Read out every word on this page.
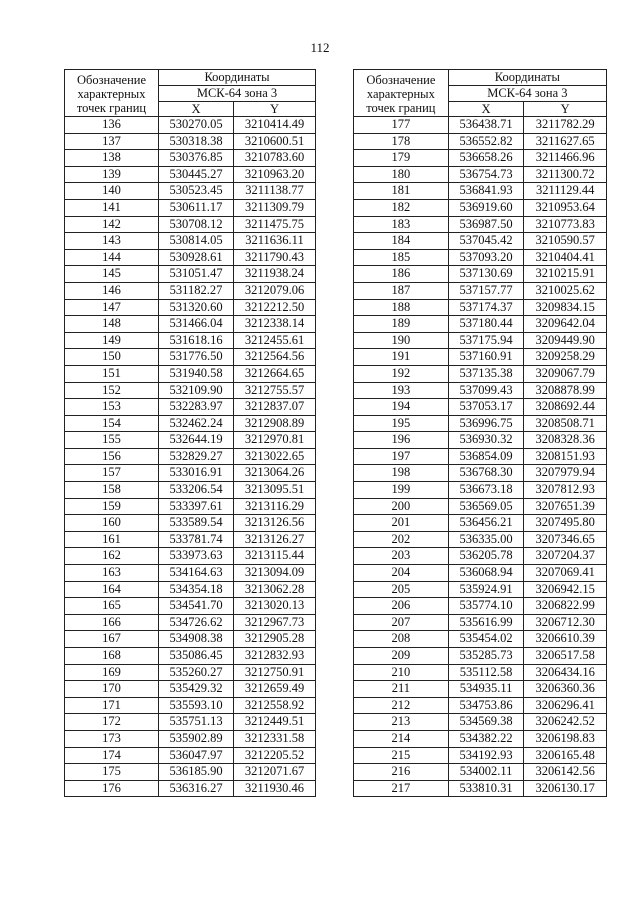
112
Обозначение
характерных
точек границ	Координаты	
	МСК-64 зона 3	
	X	Y
136	530270.05	3210414.49
137	530318.38	3210600.51
138	530376.85	3210783.60
139	530445.27	3210963.20
140	530523.45	3211138.77
141	530611.17	3211309.79
142	530708.12	3211475.75
143	530814.05	3211636.11
144	530928.61	3211790.43
145	531051.47	3211938.24
146	531182.27	3212079.06
147	531320.60	3212212.50
148	531466.04	3212338.14
149	531618.16	3212455.61
150	531776.50	3212564.56
151	531940.58	3212664.65
152	532109.90	3212755.57
153	532283.97	3212837.07
154	532462.24	3212908.89
155	532644.19	3212970.81
156	532829.27	3213022.65
157	533016.91	3213064.26
158	533206.54	3213095.51
159	533397.61	3213116.29
160	533589.54	3213126.56
161	533781.74	3213126.27
162	533973.63	3213115.44
163	534164.63	3213094.09
164	534354.18	3213062.28
165	534541.70	3213020.13
166	534726.62	3212967.73
167	534908.38	3212905.28
168	535086.45	3212832.93
169	535260.27	3212750.91
170	535429.32	3212659.49
171	535593.10	3212558.92
172	535751.13	3212449.51
173	535902.89	3212331.58
174	536047.97	3212205.52
175	536185.90	3212071.67
176	536316.27	3211930.46
Обозначение
характерных
точек границ	Координаты	
	МСК-64 зона 3	
	X	Y
177	536438.71	3211782.29
178	536552.82	3211627.65
179	536658.26	3211466.96
180	536754.73	3211300.72
181	536841.93	3211129.44
182	536919.60	3210953.64
183	536987.50	3210773.83
184	537045.42	3210590.57
185	537093.20	3210404.41
186	537130.69	3210215.91
187	537157.77	3210025.62
188	537174.37	3209834.15
189	537180.44	3209642.04
190	537175.94	3209449.90
191	537160.91	3209258.29
192	537135.38	3209067.79
193	537099.43	3208878.99
194	537053.17	3208692.44
195	536996.75	3208508.71
196	536930.32	3208328.36
197	536854.09	3208151.93
198	536768.30	3207979.94
199	536673.18	3207812.93
200	536569.05	3207651.39
201	536456.21	3207495.80
202	536335.00	3207346.65
203	536205.78	3207204.37
204	536068.94	3207069.41
205	535924.91	3206942.15
206	535774.10	3206822.99
207	535616.99	3206712.30
208	535454.02	3206610.39
209	535285.73	3206517.58
210	535112.58	3206434.16
211	534935.11	3206360.36
212	534753.86	3206296.41
213	534569.38	3206242.52
214	534382.22	3206198.83
215	534192.93	3206165.48
216	534002.11	3206142.56
217	533810.31	3206130.17
